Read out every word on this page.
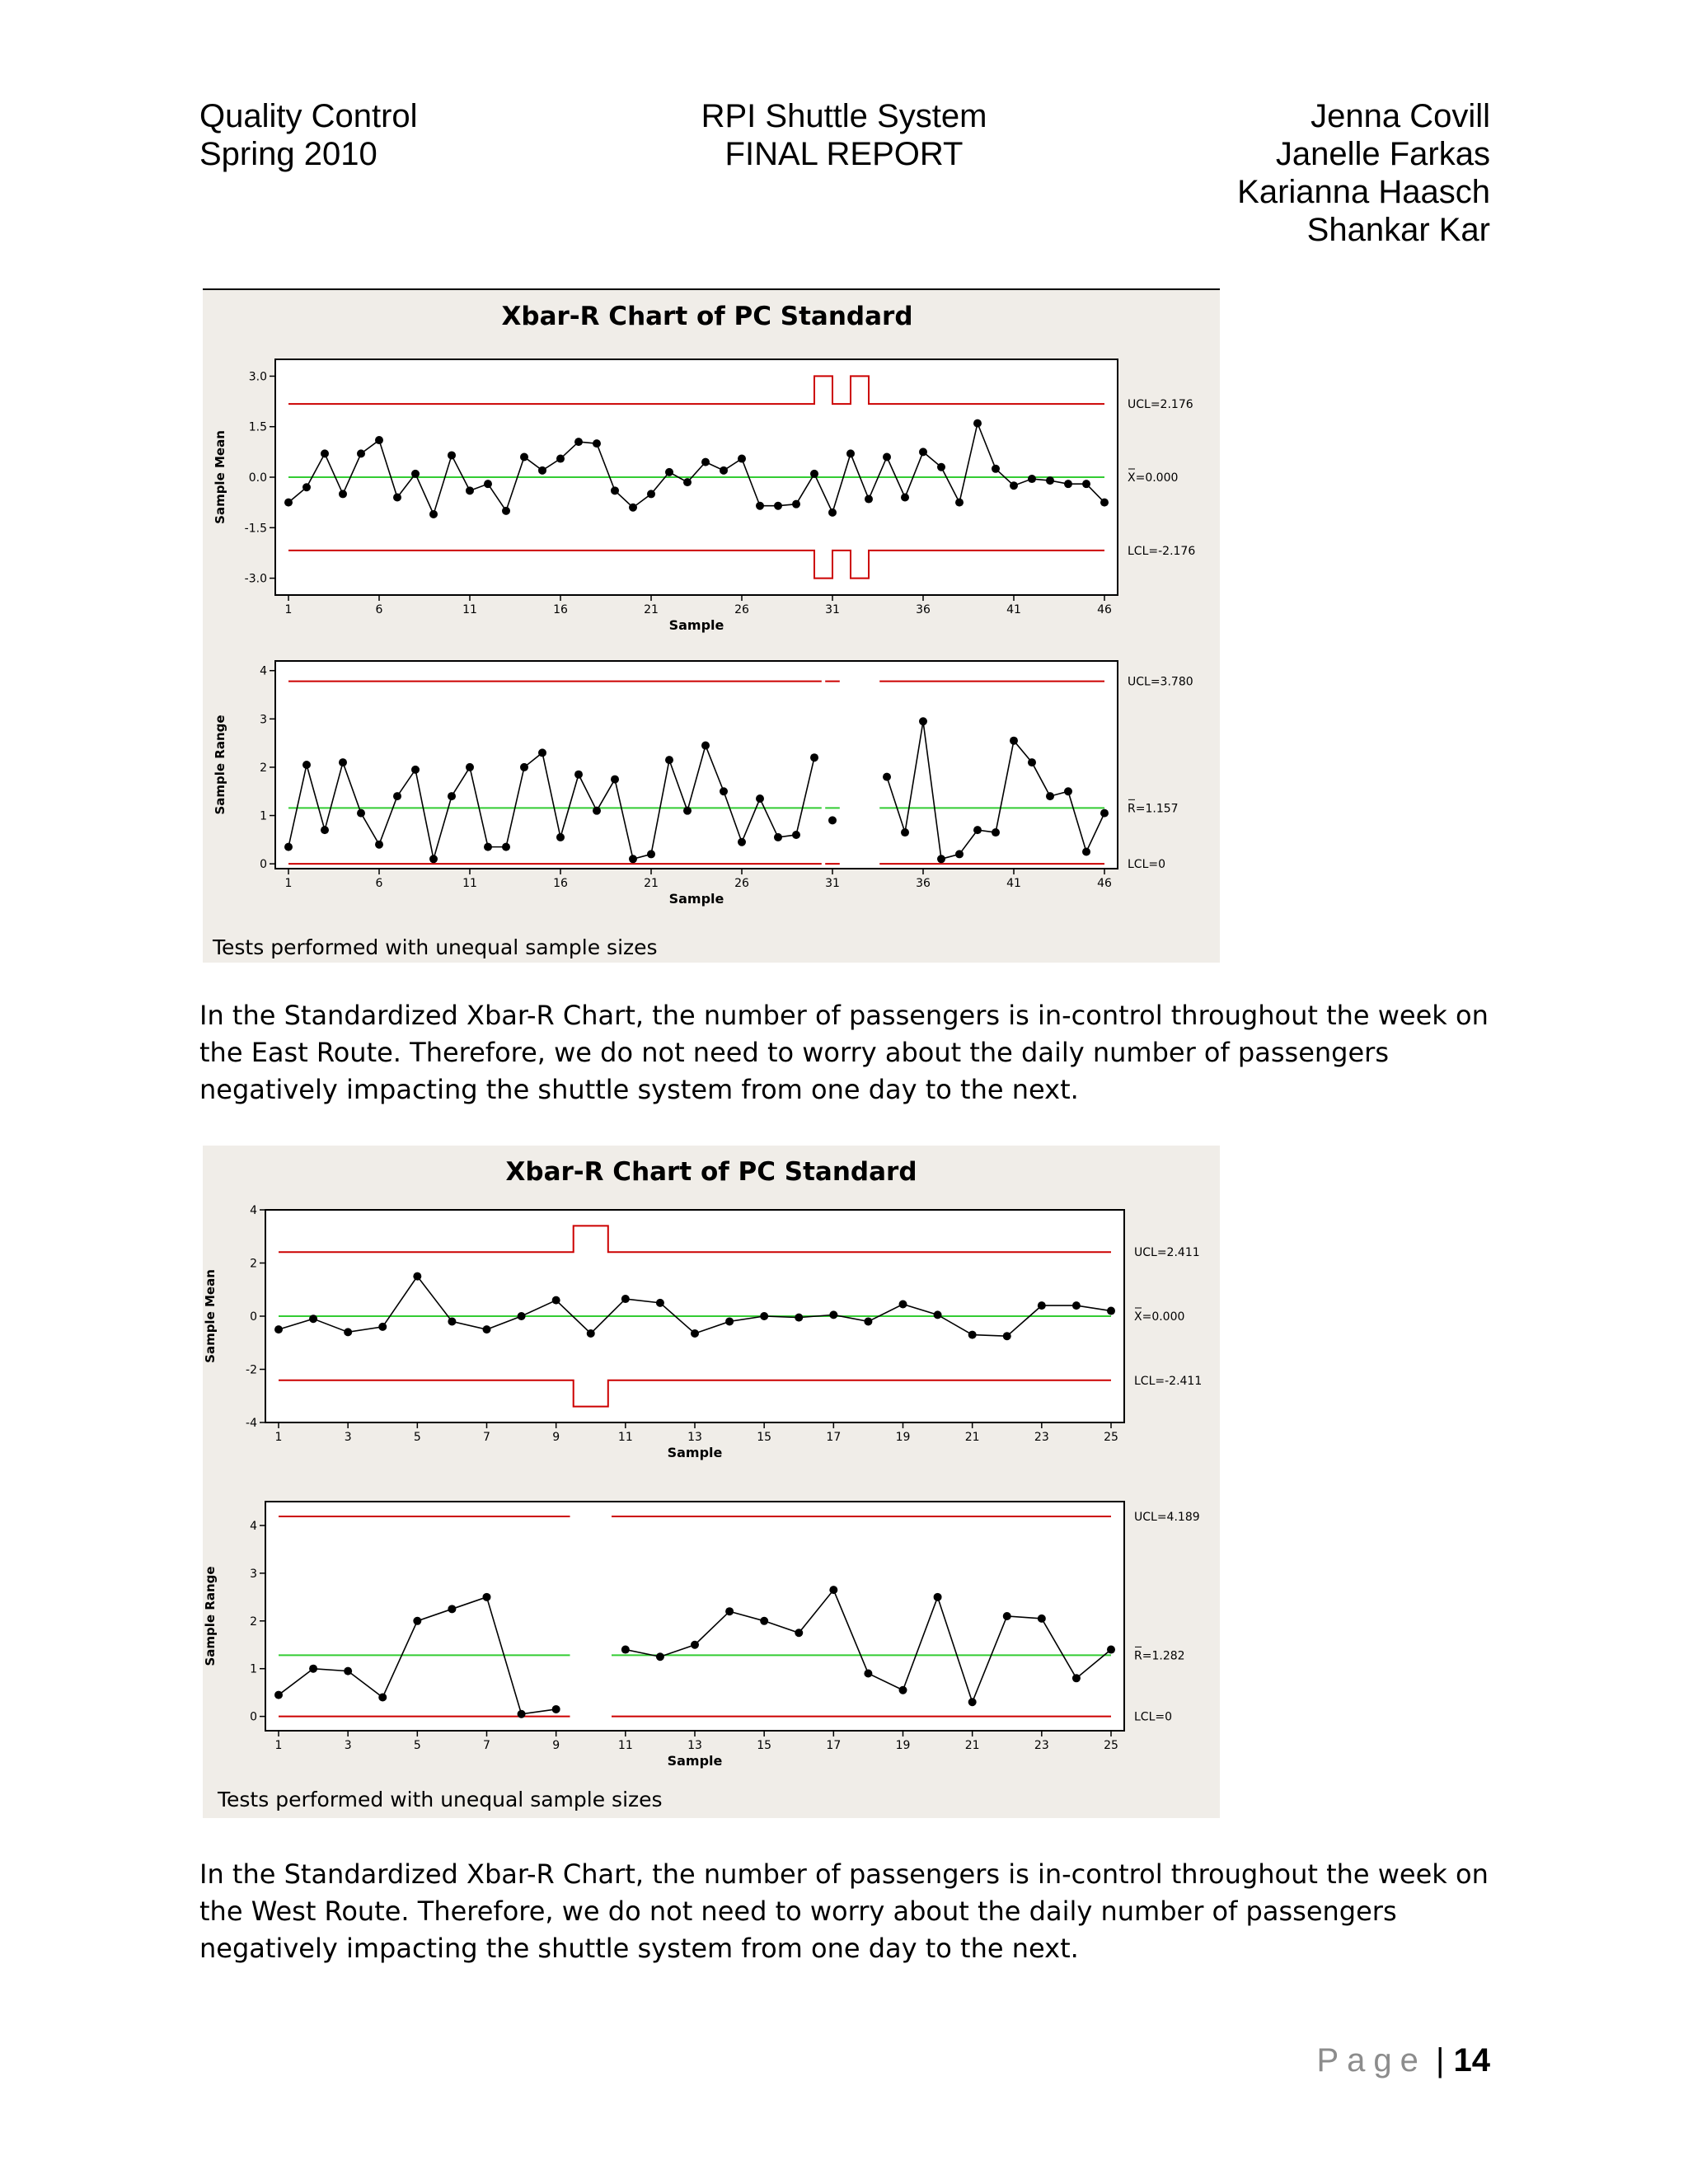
Quality Control
Spring 2010
RPI Shuttle System
FINAL REPORT
Jenna Covill
Janelle Farkas
Karianna Haasch
Shankar Kar
Xbar-R Chart of PC Standard
3.0
1.5
0.0
-1.5
-3.0
1	6	11	16	21	26	31	36	41	46
Sample
Sample Mean
UCL=2.176
X=0.000
LCL=-2.176
4
3
2
1
0
1	6	11	16	21	26	31	36	41	46
Sample
Sample Range
UCL=3.780
R=1.157
LCL=0
Tests performed with unequal sample sizes
In the Standardized Xbar-R Chart, the number of passengers is in-control throughout the week on the East Route. Therefore, we do not need to worry about the daily number of passengers negatively impacting the shuttle system from one day to the next.
Xbar-R Chart of PC Standard
4
2
0
-2
-4
1	3	5	7	9	11	13	15	17	19	21	23	25
Sample
Sample Mean
UCL=2.411
X=0.000
LCL=-2.411
4
3
2
1
0
1	3	5	7	9	11	13	15	17	19	21	23	25
Sample
Sample Range
UCL=4.189
R=1.282
LCL=0
Tests performed with unequal sample sizes
In the Standardized Xbar-R Chart, the number of passengers is in-control throughout the week on the West Route. Therefore, we do not need to worry about the daily number of passengers negatively impacting the shuttle system from one day to the next.
Page | 14
